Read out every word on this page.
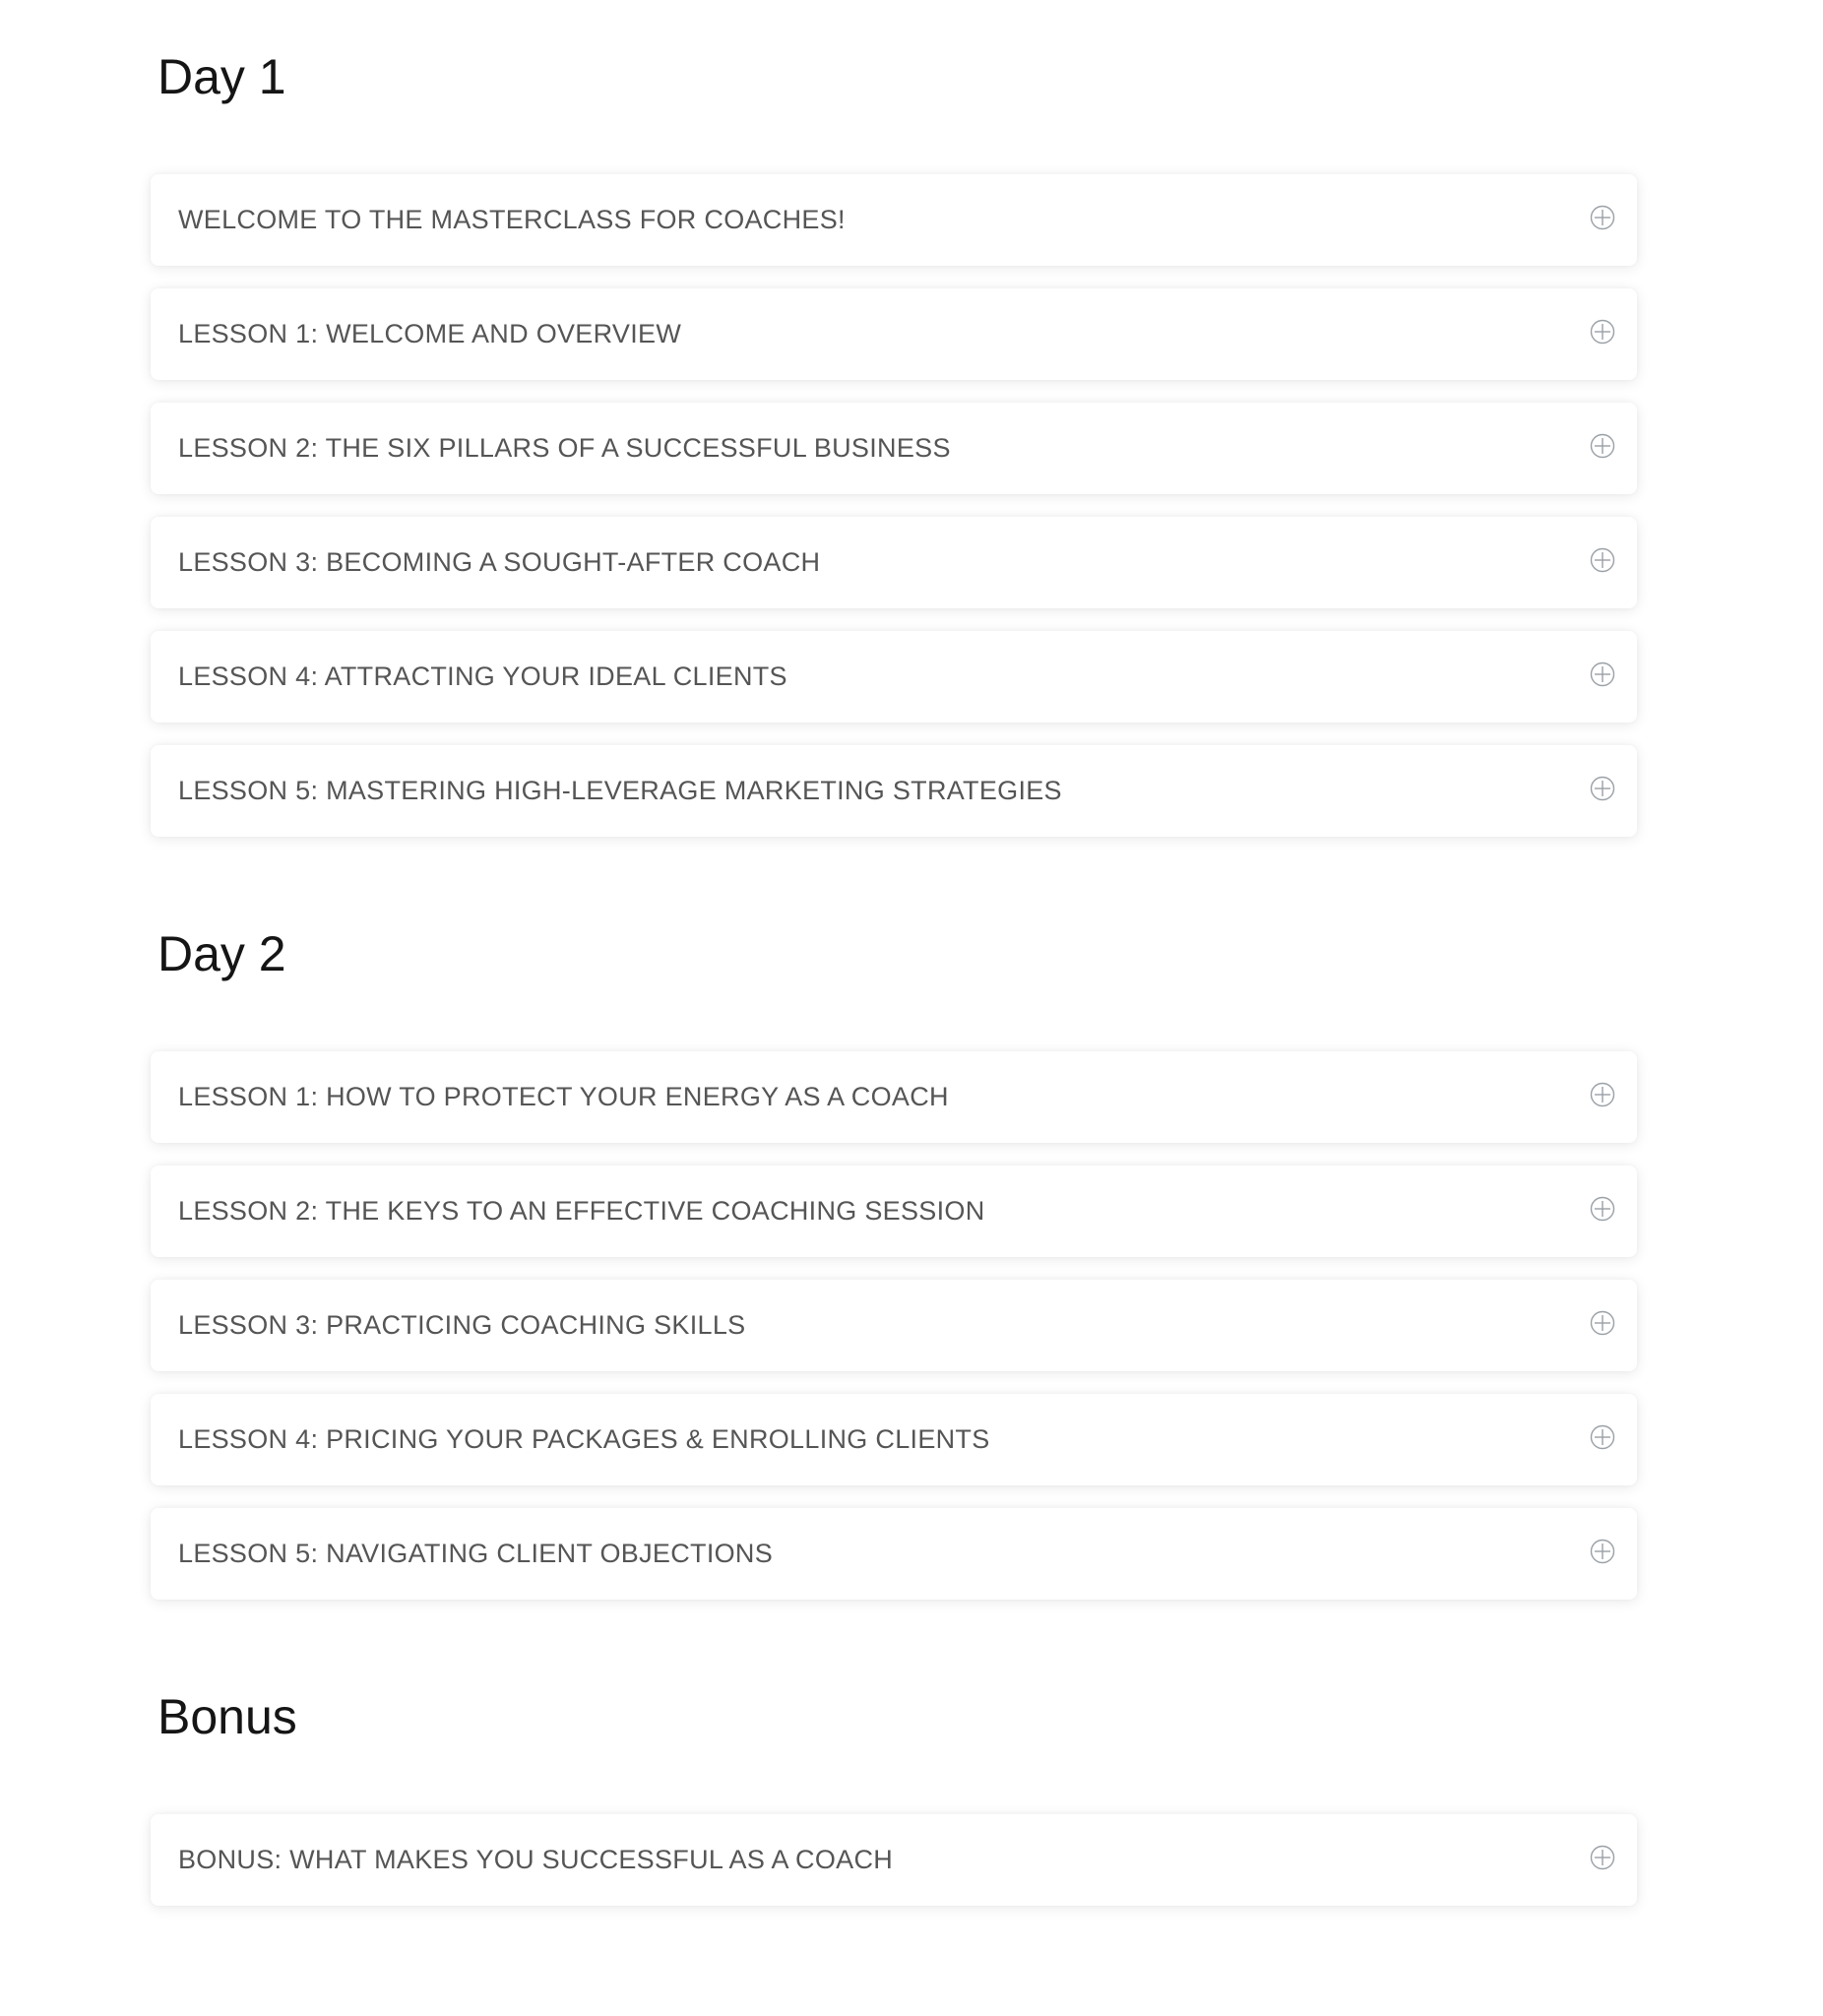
Day 1
WELCOME TO THE MASTERCLASS FOR COACHES!
LESSON 1: WELCOME AND OVERVIEW
LESSON 2: THE SIX PILLARS OF A SUCCESSFUL BUSINESS
LESSON 3: BECOMING A SOUGHT-AFTER COACH
LESSON 4: ATTRACTING YOUR IDEAL CLIENTS
LESSON 5: MASTERING HIGH-LEVERAGE MARKETING STRATEGIES
Day 2
LESSON 1: HOW TO PROTECT YOUR ENERGY AS A COACH
LESSON 2: THE KEYS TO AN EFFECTIVE COACHING SESSION
LESSON 3: PRACTICING COACHING SKILLS
LESSON 4: PRICING YOUR PACKAGES & ENROLLING CLIENTS
LESSON 5: NAVIGATING CLIENT OBJECTIONS
Bonus
BONUS: WHAT MAKES YOU SUCCESSFUL AS A COACH
